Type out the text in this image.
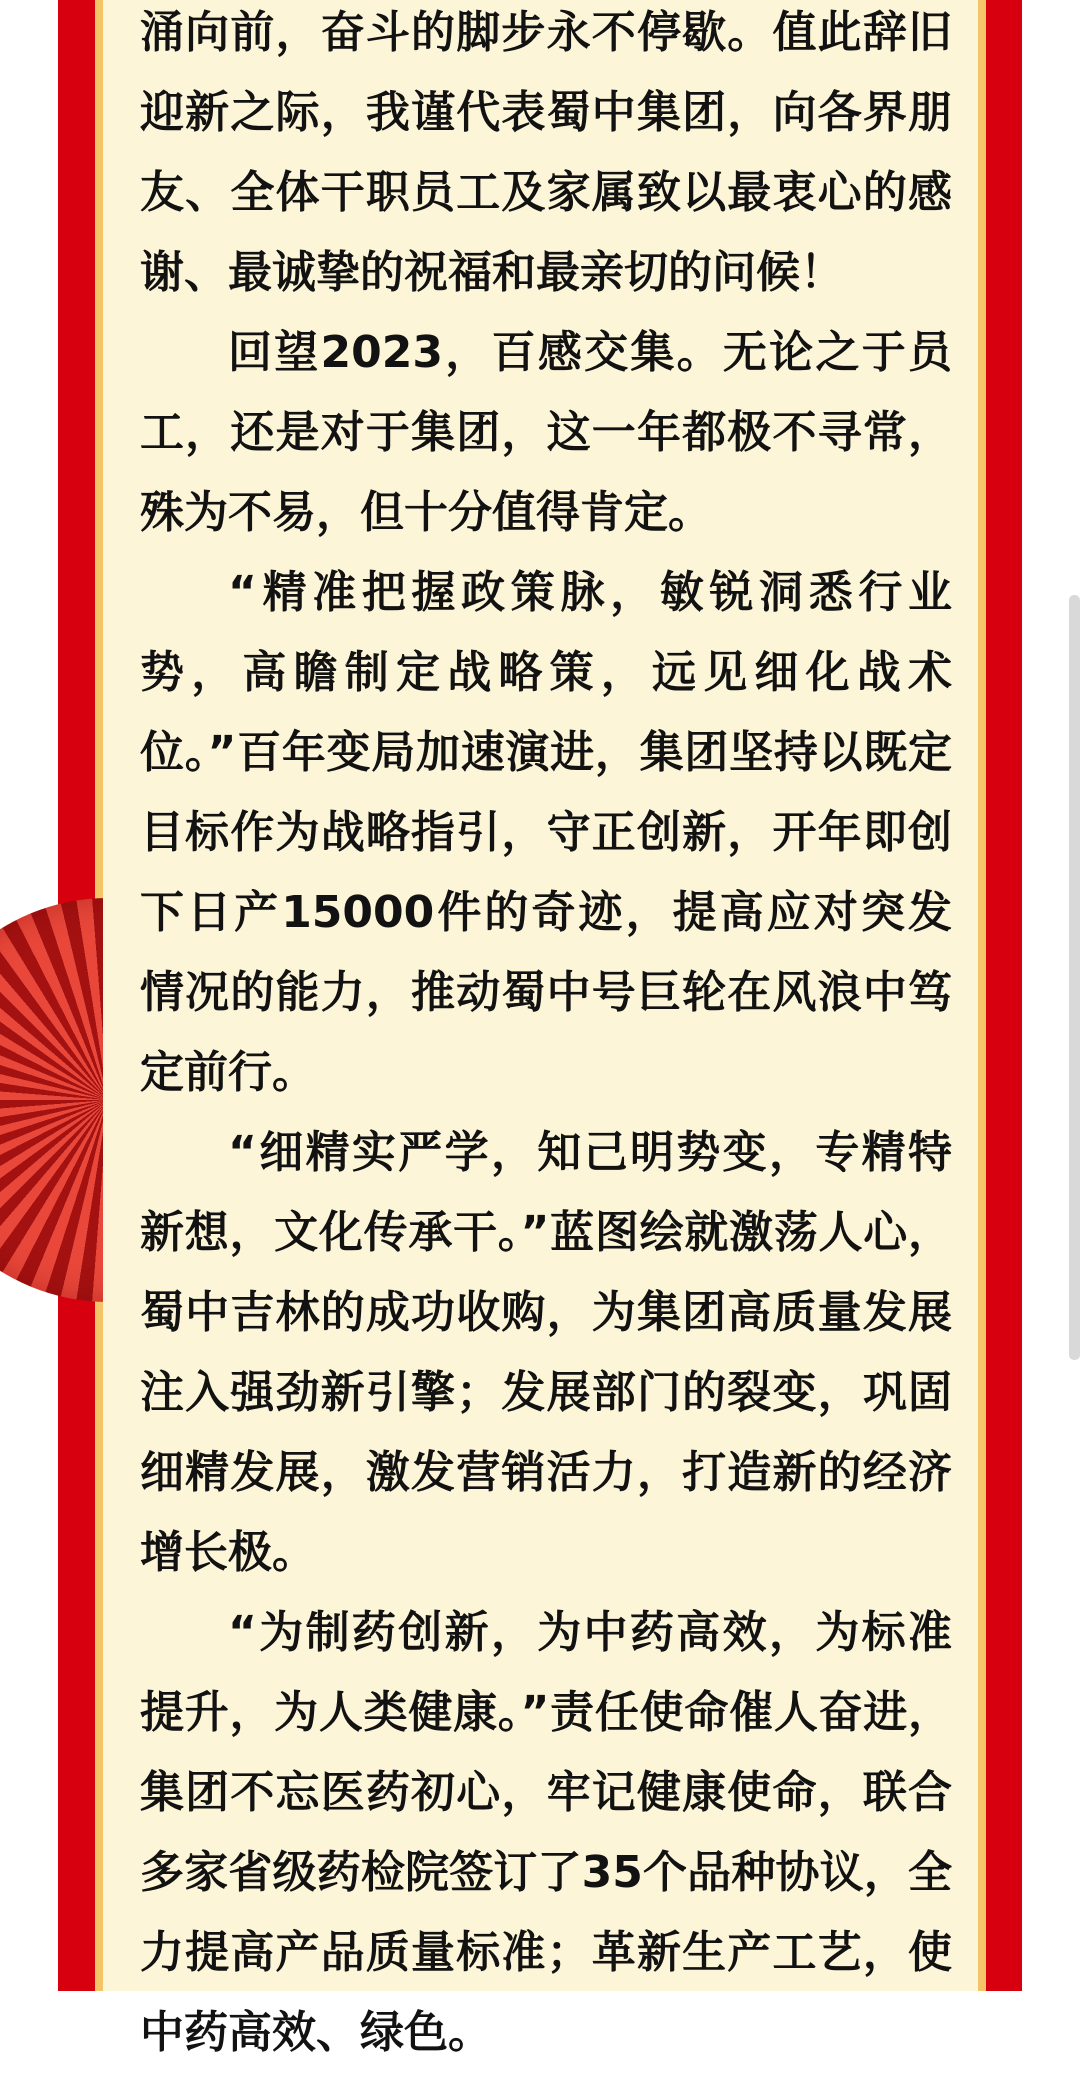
涌向前，奋斗的脚步永不停歇。值此辞旧迎新之际，我谨代表蜀中集团，向各界朋友、全体干职员工及家属致以最衷心的感谢、最诚挚的祝福和最亲切的问候！

回望2023，百感交集。无论之于员工，还是对于集团，这一年都极不寻常，殊为不易，但十分值得肯定。

“精准把握政策脉，敏锐洞悉行业势，高瞻制定战略策，远见细化战术位。”百年变局加速演进，集团坚持以既定目标作为战略指引，守正创新，开年即创下日产15000件的奇迹，提高应对突发情况的能力，推动蜀中号巨轮在风浪中笃定前行。

“细精实严学，知己明势变，专精特新想，文化传承干。”蓝图绘就激荡人心，蜀中吉林的成功收购，为集团高质量发展注入强劲新引擎；发展部门的裂变，巩固细精发展，激发营销活力，打造新的经济增长极。

“为制药创新，为中药高效，为标准提升，为人类健康。”责任使命催人奋进，集团不忘医药初心，牢记健康使命，联合多家省级药检院签订了35个品种协议，全力提高产品质量标准；革新生产工艺，使中药高效、绿色。
